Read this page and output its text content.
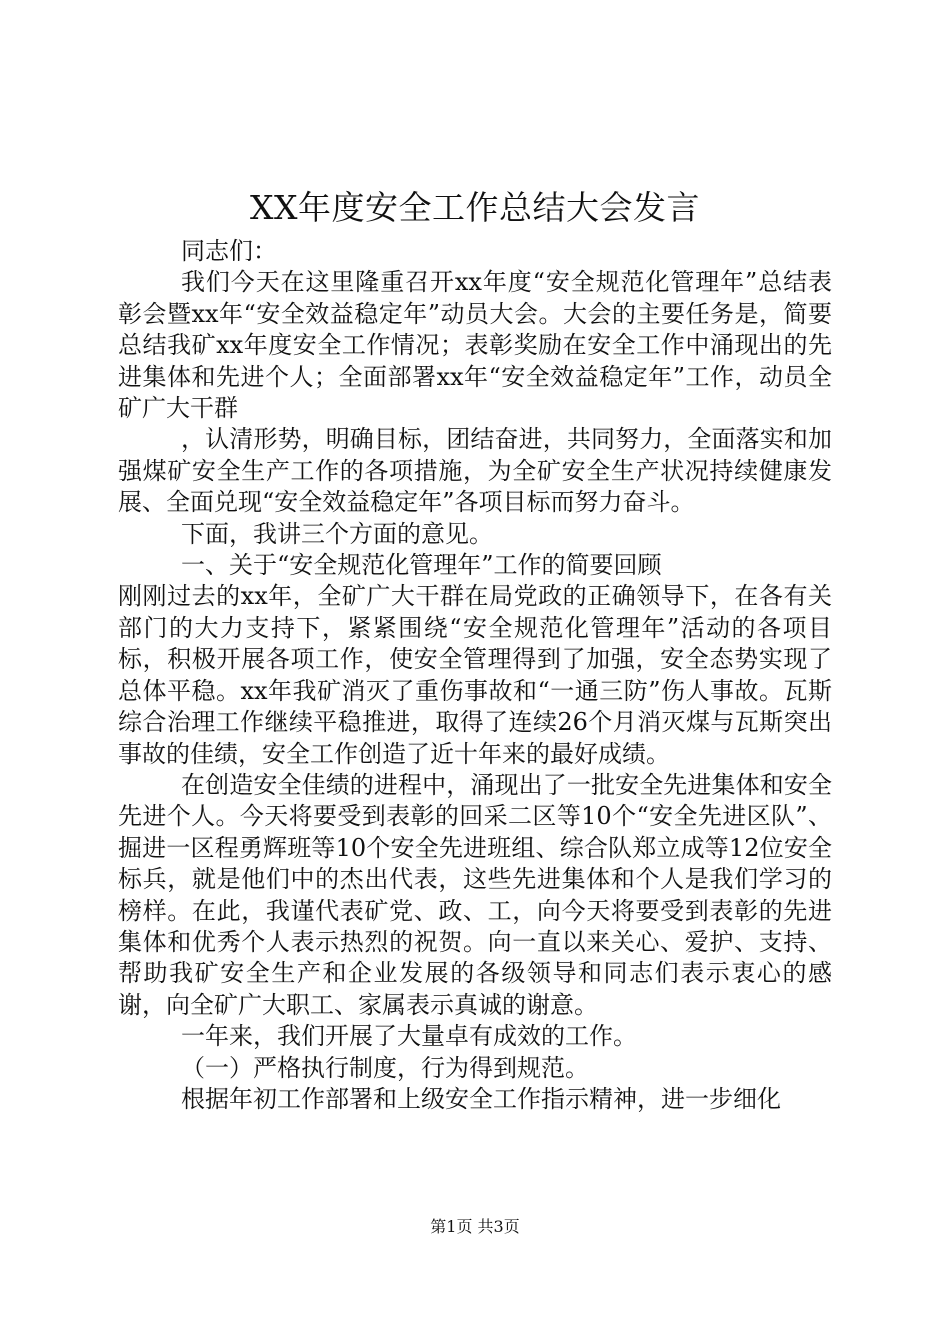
XX年度安全工作总结大会发言

同志们：

我们今天在这里隆重召开xx年度“安全规范化管理年”总结表彰会暨xx年“安全效益稳定年”动员大会。大会的主要任务是，简要总结我矿xx年度安全工作情况；表彰奖励在安全工作中涌现出的先进集体和先进个人；全面部署xx年“安全效益稳定年”工作，动员全矿广大干群

，认清形势，明确目标，团结奋进，共同努力，全面落实和加强煤矿安全生产工作的各项措施，为全矿安全生产状况持续健康发展、全面兑现“安全效益稳定年”各项目标而努力奋斗。

下面，我讲三个方面的意见。

一、关于“安全规范化管理年”工作的简要回顾

刚刚过去的xx年，全矿广大干群在局党政的正确领导下，在各有关部门的大力支持下，紧紧围绕“安全规范化管理年”活动的各项目标，积极开展各项工作，使安全管理得到了加强，安全态势实现了总体平稳。xx年我矿消灭了重伤事故和“一通三防”伤人事故。瓦斯综合治理工作继续平稳推进，取得了连续26个月消灭煤与瓦斯突出事故的佳绩，安全工作创造了近十年来的最好成绩。

在创造安全佳绩的进程中，涌现出了一批安全先进集体和安全先进个人。今天将要受到表彰的回采二区等10个“安全先进区队”、掘进一区程勇辉班等10个安全先进班组、综合队郑立成等12位安全标兵，就是他们中的杰出代表，这些先进集体和个人是我们学习的榜样。在此，我谨代表矿党、政、工，向今天将要受到表彰的先进集体和优秀个人表示热烈的祝贺。向一直以来关心、爱护、支持、帮助我矿安全生产和企业发展的各级领导和同志们表示衷心的感谢，向全矿广大职工、家属表示真诚的谢意。

一年来，我们开展了大量卓有成效的工作。

（一）严格执行制度，行为得到规范。

根据年初工作部署和上级安全工作指示精神，进一步细化

第1页 共3页
